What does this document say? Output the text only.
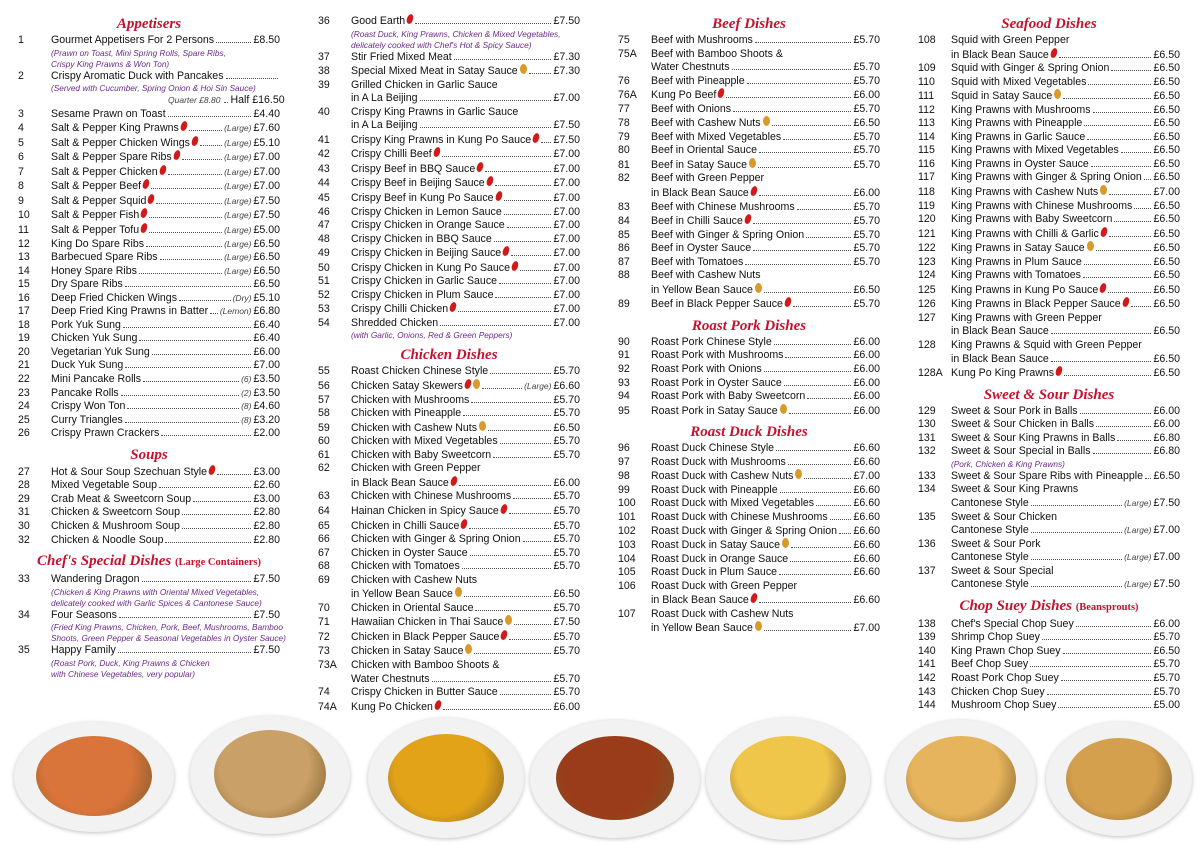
Appetisers
1	Gourmet Appetisers For 2 Persons	£8.50
(Prawn on Toast, Mini Spring Rolls, Spare Ribs,
Crispy King Prawns & Won Ton)
2	Crispy Aromatic Duck with Pancakes
(Served with Cucumber, Spring Onion & Hoi Sin Sauce)
Quarter £8.80 Half £16.50
3	Sesame Prawn on Toast	£4.40
4	Salt & Pepper King Prawns	(Large) £7.60
5	Salt & Pepper Chicken Wings	(Large) £5.10
6	Salt & Pepper Spare Ribs	(Large) £7.00
7	Salt & Pepper Chicken	(Large) £7.00
8	Salt & Pepper Beef	(Large) £7.00
9	Salt & Pepper Squid	(Large) £7.50
10	Salt & Pepper Fish	(Large) £7.50
11	Salt & Pepper Tofu	(Large) £5.00
12	King Do Spare Ribs	(Large) £6.50
13	Barbecued Spare Ribs	(Large) £6.50
14	Honey Spare Ribs	(Large) £6.50
15	Dry Spare Ribs	£6.50
16	Deep Fried Chicken Wings	(Dry) £5.10
17	Deep Fried King Prawns in Batter (Lemon) £6.80
18	Pork Yuk Sung	£6.40
19	Chicken Yuk Sung	£6.40
20	Vegetarian Yuk Sung	£6.00
21	Duck Yuk Sung	£7.00
22	Mini Pancake Rolls	(6) £3.50
23	Pancake Rolls	(2) £3.50
24	Crispy Won Ton	(8) £4.60
25	Curry Triangles	(8) £3.20
26	Crispy Prawn Crackers	£2.00
Soups
27	Hot & Sour Soup Szechuan Style	£3.00
28	Mixed Vegetable Soup	£2.60
29	Crab Meat & Sweetcorn Soup	£3.00
31	Chicken & Sweetcorn Soup	£2.80
30	Chicken & Mushroom Soup	£2.80
32	Chicken & Noodle Soup	£2.80
Chef's Special Dishes (Large Containers)
33	Wandering Dragon	£7.50
(Chicken & King Prawns with Oriental Mixed Vegetables,
delicately cooked with Garlic Spices & Cantonese Sauce)
34	Four Seasons	£7.50
(Fried King Prawns, Chicken, Pork, Beef, Mushrooms, Bamboo
Shoots, Green Pepper & Seasonal Vegetables in Oyster Sauce)
35	Happy Family	£7.50
(Roast Pork, Duck, King Prawns & Chicken
with Chinese Vegetables, very popular)
36	Good Earth	£7.50
(Roast Duck, King Prawns, Chicken & Mixed Vegetables,
delicately cooked with Chef's Hot & Spicy Sauce)
37	Stir Fried Mixed Meat	£7.30
38	Special Mixed Meat in Satay Sauce	£7.30
39	Grilled Chicken in Garlic Sauce
in A La Beijing	£7.00
40	Crispy King Prawns in Garlic Sauce
in A La Beijing	£7.50
41	Crispy King Prawns in Kung Po Sauce £7.50
42	Crispy Chilli Beef	£7.00
43	Crispy Beef in BBQ Sauce	£7.00
44	Crispy Beef in Beijing Sauce	£7.00
45	Crispy Beef in Kung Po Sauce	£7.00
46	Crispy Chicken in Lemon Sauce	£7.00
47	Crispy Chicken in Orange Sauce	£7.00
48	Crispy Chicken in BBQ Sauce	£7.00
49	Crispy Chicken in Beijing Sauce	£7.00
50	Crispy Chicken in Kung Po Sauce	£7.00
51	Crispy Chicken in Garlic Sauce	£7.00
52	Crispy Chicken in Plum Sauce	£7.00
53	Crispy Chilli Chicken	£7.00
54	Shredded Chicken	£7.00
(with Garlic, Onions, Red & Green Peppers)
Chicken Dishes
55	Roast Chicken Chinese Style	£5.70
56	Chicken Satay Skewers	(Large) £6.60
57	Chicken with Mushrooms	£5.70
58	Chicken with Pineapple	£5.70
59	Chicken with Cashew Nuts	£6.50
60	Chicken with Mixed Vegetables	£5.70
61	Chicken with Baby Sweetcorn	£5.70
62	Chicken with Green Pepper
in Black Bean Sauce	£6.00
63	Chicken with Chinese Mushrooms	£5.70
64	Hainan Chicken in Spicy Sauce	£5.70
65	Chicken in Chilli Sauce	£5.70
66	Chicken with Ginger & Spring Onion	£5.70
67	Chicken in Oyster Sauce	£5.70
68	Chicken with Tomatoes	£5.70
69	Chicken with Cashew Nuts
in Yellow Bean Sauce	£6.50
70	Chicken in Oriental Sauce	£5.70
71	Hawaiian Chicken in Thai Sauce	£7.50
72	Chicken in Black Pepper Sauce	£5.70
73	Chicken in Satay Sauce	£5.70
73A	Chicken with Bamboo Shoots &
Water Chestnuts	£5.70
74	Crispy Chicken in Butter Sauce	£5.70
74A	Kung Po Chicken	£6.00
Beef Dishes
75	Beef with Mushrooms	£5.70
75A	Beef with Bamboo Shoots &
Water Chestnuts	£5.70
76	Beef with Pineapple	£5.70
76A	Kung Po Beef	£6.00
77	Beef with Onions	£5.70
78	Beef with Cashew Nuts	£6.50
79	Beef with Mixed Vegetables	£5.70
80	Beef in Oriental Sauce	£5.70
81	Beef in Satay Sauce	£5.70
82	Beef with Green Pepper
in Black Bean Sauce	£6.00
83	Beef with Chinese Mushrooms	£5.70
84	Beef in Chilli Sauce	£5.70
85	Beef with Ginger & Spring Onion	£5.70
86	Beef in Oyster Sauce	£5.70
87	Beef with Tomatoes	£5.70
88	Beef with Cashew Nuts
in Yellow Bean Sauce	£6.50
89	Beef in Black Pepper Sauce	£5.70
Roast Pork Dishes
90	Roast Pork Chinese Style	£6.00
91	Roast Pork with Mushrooms	£6.00
92	Roast Pork with Onions	£6.00
93	Roast Pork in Oyster Sauce	£6.00
94	Roast Pork with Baby Sweetcorn	£6.00
95	Roast Pork in Satay Sauce	£6.00
Roast Duck Dishes
96	Roast Duck Chinese Style	£6.60
97	Roast Duck with Mushrooms	£6.60
98	Roast Duck with Cashew Nuts	£7.00
99	Roast Duck with Pineapple	£6.60
100	Roast Duck with Mixed Vegetables	£6.60
101	Roast Duck with Chinese Mushrooms £6.60
102	Roast Duck with Ginger & Spring Onion £6.60
103	Roast Duck in Satay Sauce	£6.60
104	Roast Duck in Orange Sauce	£6.60
105	Roast Duck in Plum Sauce	£6.60
106	Roast Duck with Green Pepper
in Black Bean Sauce	£6.60
107	Roast Duck with Cashew Nuts
in Yellow Bean Sauce	£7.00
Seafood Dishes
108	Squid with Green Pepper
in Black Bean Sauce	£6.50
109	Squid with Ginger & Spring Onion	£6.50
110	Squid with Mixed Vegetables	£6.50
111	Squid in Satay Sauce	£6.50
112	King Prawns with Mushrooms	£6.50
113	King Prawns with Pineapple	£6.50
114	King Prawns in Garlic Sauce	£6.50
115	King Prawns with Mixed Vegetables	£6.50
116	King Prawns in Oyster Sauce	£6.50
117	King Prawns with Ginger & Spring Onion £6.50
118	King Prawns with Cashew Nuts	£7.00
119	King Prawns with Chinese Mushrooms £6.50
120	King Prawns with Baby Sweetcorn	£6.50
121	King Prawns with Chilli & Garlic	£6.50
122	King Prawns in Satay Sauce	£6.50
123	King Prawns in Plum Sauce	£6.50
124	King Prawns with Tomatoes	£6.50
125	King Prawns in Kung Po Sauce	£6.50
126	King Prawns in Black Pepper Sauce	£6.50
127	King Prawns with Green Pepper
in Black Bean Sauce	£6.50
128	King Prawns & Squid with Green Pepper
in Black Bean Sauce	£6.50
128A Kung Po King Prawns	£6.50
Sweet & Sour Dishes
129	Sweet & Sour Pork in Balls	£6.00
130	Sweet & Sour Chicken in Balls	£6.00
131	Sweet & Sour King Prawns in Balls	£6.80
132	Sweet & Sour Special in Balls	£6.80
(Pork, Chicken & King Prawns)
133	Sweet & Sour Spare Ribs with Pineapple £6.50
134	Sweet & Sour King Prawns
Cantonese Style	(Large) £7.50
135	Sweet & Sour Chicken
Cantonese Style	(Large) £7.00
136	Sweet & Sour Pork
Cantonese Style	(Large) £7.00
137	Sweet & Sour Special
Cantonese Style	(Large) £7.50
Chop Suey Dishes (Beansprouts)
138	Chef's Special Chop Suey	£6.00
139	Shrimp Chop Suey	£5.70
140	King Prawn Chop Suey	£6.50
141	Beef Chop Suey	£5.70
142	Roast Pork Chop Suey	£5.70
143	Chicken Chop Suey	£5.70
144	Mushroom Chop Suey	£5.00
